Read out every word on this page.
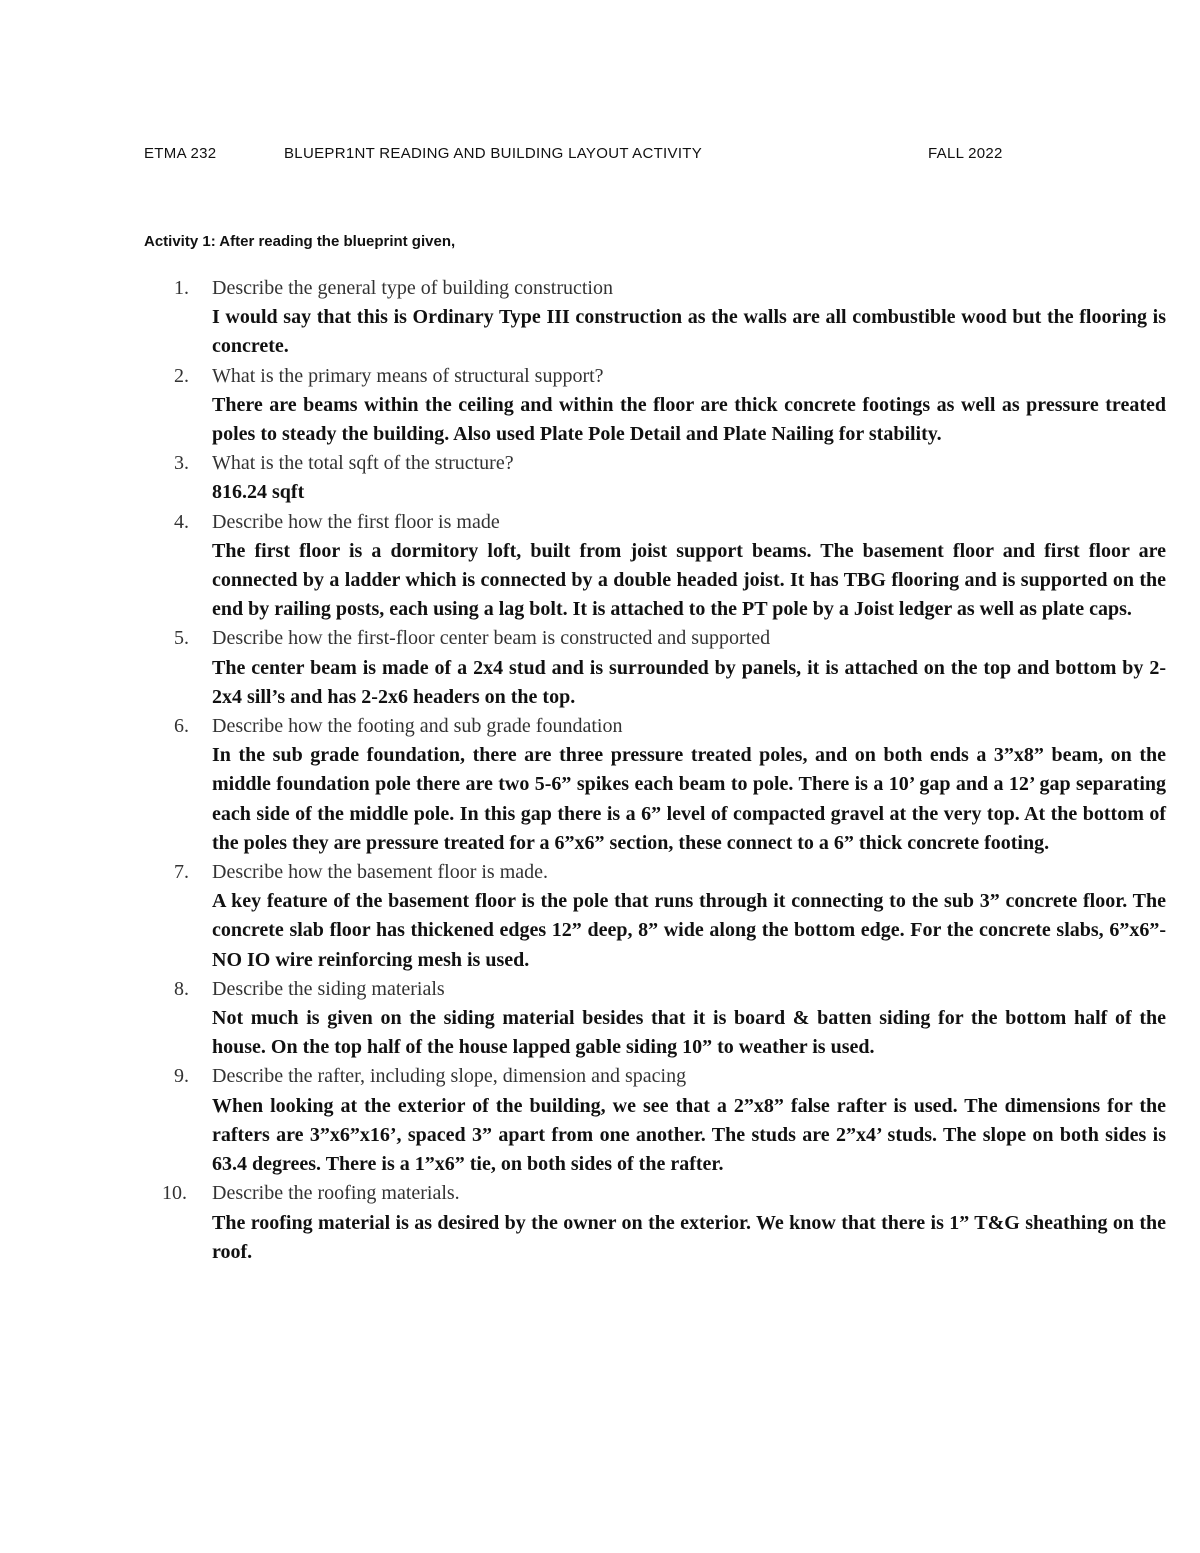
ETMA 232	BLUEPR1NT READING AND BUILDING LAYOUT ACTIVITY	FALL 2022
Activity 1: After reading the blueprint given,
1. Describe the general type of building construction
I would say that this is Ordinary Type III construction as the walls are all combustible wood but the flooring is concrete.
2. What is the primary means of structural support?
There are beams within the ceiling and within the floor are thick concrete footings as well as pressure treated poles to steady the building. Also used Plate Pole Detail and Plate Nailing for stability.
3. What is the total sqft of the structure?
816.24 sqft
4. Describe how the first floor is made
The first floor is a dormitory loft, built from joist support beams. The basement floor and first floor are connected by a ladder which is connected by a double headed joist. It has TBG flooring and is supported on the end by railing posts, each using a lag bolt. It is attached to the PT pole by a Joist ledger as well as plate caps.
5. Describe how the first-floor center beam is constructed and supported
The center beam is made of a 2x4 stud and is surrounded by panels, it is attached on the top and bottom by 2-2x4 sill’s and has 2-2x6 headers on the top.
6. Describe how the footing and sub grade foundation
In the sub grade foundation, there are three pressure treated poles, and on both ends a 3”x8” beam, on the middle foundation pole there are two 5-6” spikes each beam to pole. There is a 10’ gap and a 12’ gap separating each side of the middle pole. In this gap there is a 6” level of compacted gravel at the very top. At the bottom of the poles they are pressure treated for a 6”x6” section, these connect to a 6” thick concrete footing.
7. Describe how the basement floor is made.
A key feature of the basement floor is the pole that runs through it connecting to the sub 3” concrete floor. The concrete slab floor has thickened edges 12” deep, 8” wide along the bottom edge. For the concrete slabs, 6”x6”- NO IO wire reinforcing mesh is used.
8. Describe the siding materials
Not much is given on the siding material besides that it is board & batten siding for the bottom half of the house. On the top half of the house lapped gable siding 10” to weather is used.
9. Describe the rafter, including slope, dimension and spacing
When looking at the exterior of the building, we see that a 2”x8” false rafter is used. The dimensions for the rafters are 3”x6”x16’, spaced 3” apart from one another. The studs are 2”x4’ studs. The slope on both sides is 63.4 degrees. There is a 1”x6” tie, on both sides of the rafter.
10. Describe the roofing materials.
The roofing material is as desired by the owner on the exterior. We know that there is 1” T&G sheathing on the roof.
